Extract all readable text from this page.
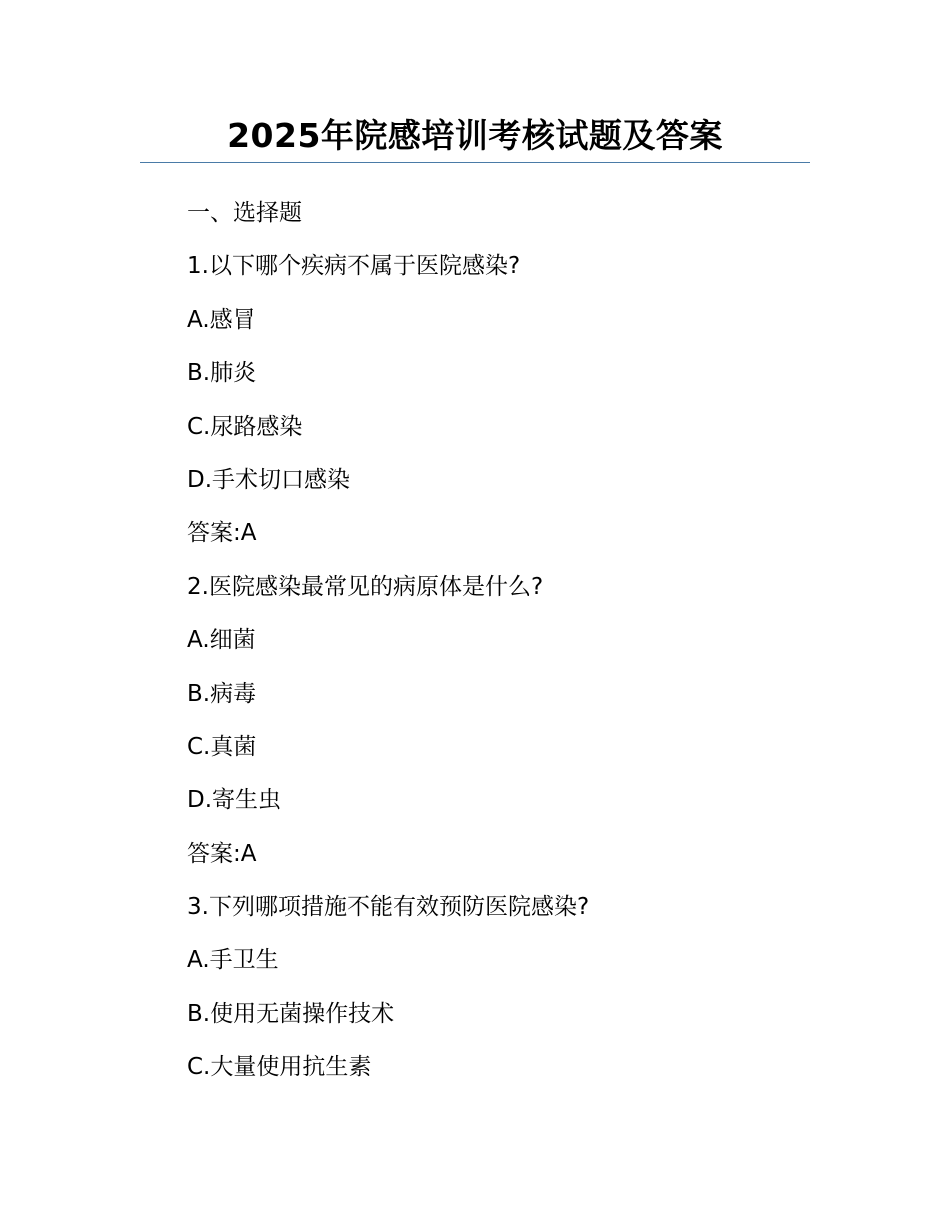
2025年院感培训考核试题及答案
一、选择题
1.以下哪个疾病不属于医院感染?
A.感冒
B.肺炎
C.尿路感染
D.手术切口感染
答案:A
2.医院感染最常见的病原体是什么?
A.细菌
B.病毒
C.真菌
D.寄生虫
答案:A
3.下列哪项措施不能有效预防医院感染?
A.手卫生
B.使用无菌操作技术
C.大量使用抗生素
